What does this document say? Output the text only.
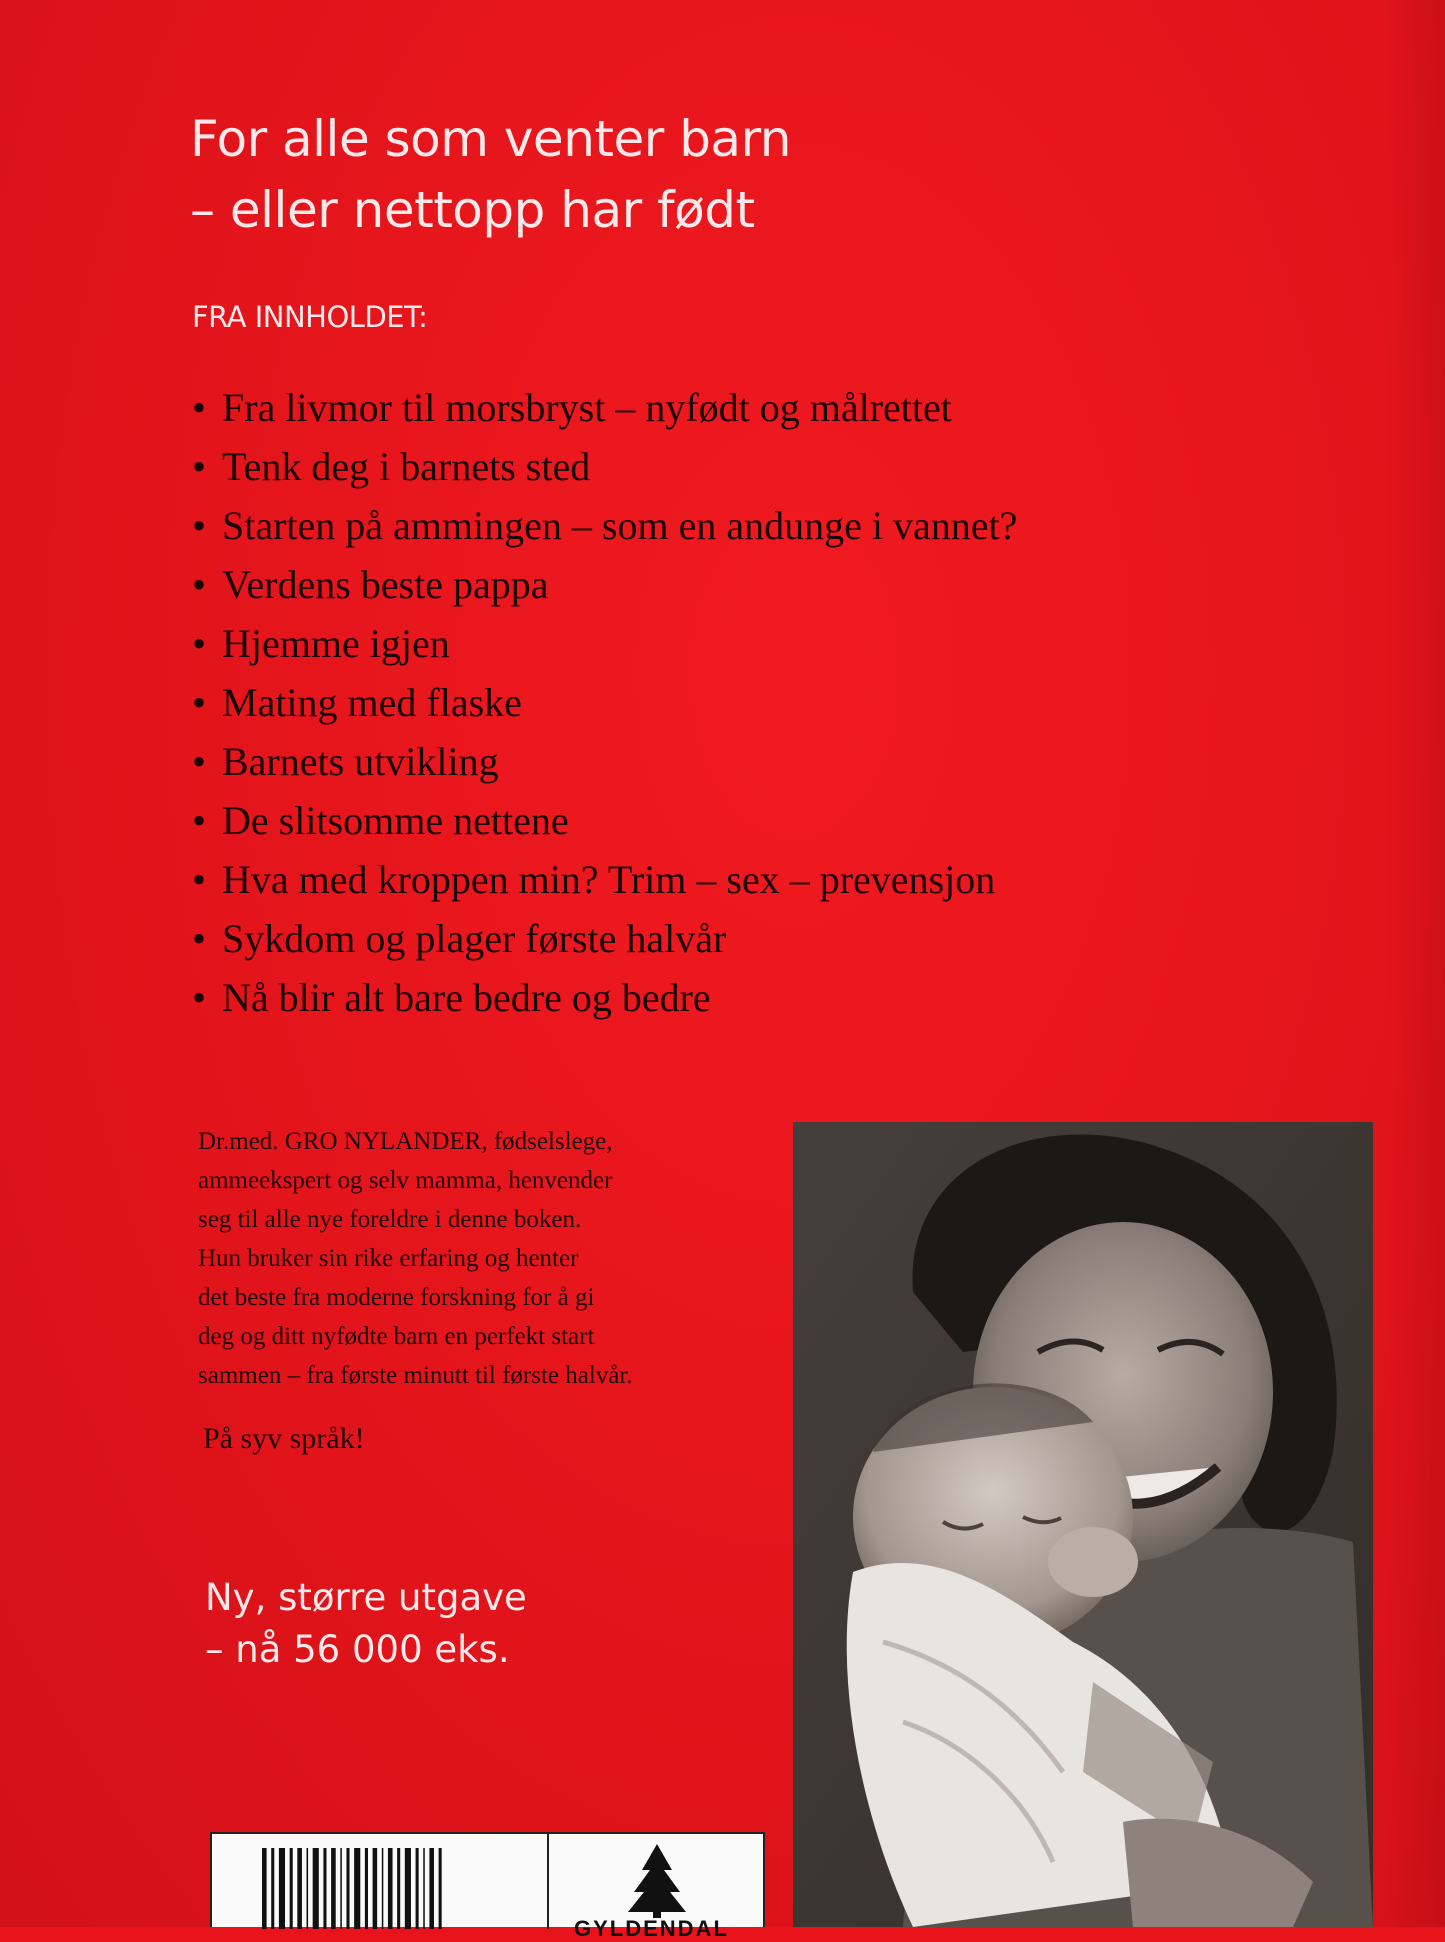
For alle som venter barn
– eller nettopp har født
FRA INNHOLDET:
• Fra livmor til morsbryst – nyfødt og målrettet
• Tenk deg i barnets sted
• Starten på ammingen – som en andunge i vannet?
• Verdens beste pappa
• Hjemme igjen
• Mating med flaske
• Barnets utvikling
• De slitsomme nettene
• Hva med kroppen min? Trim – sex – prevensjon
• Sykdom og plager første halvår
• Nå blir alt bare bedre og bedre
Dr.med. GRO NYLANDER, fødselslege,
ammeekspert og selv mamma, henvender
seg til alle nye foreldre i denne boken.
Hun bruker sin rike erfaring og henter
det beste fra moderne forskning for å gi
deg og ditt nyfødte barn en perfekt start
sammen – fra første minutt til første halvår.
På syv språk!
Ny, større utgave
– nå 56 000 eks.
GYLDENDAL
